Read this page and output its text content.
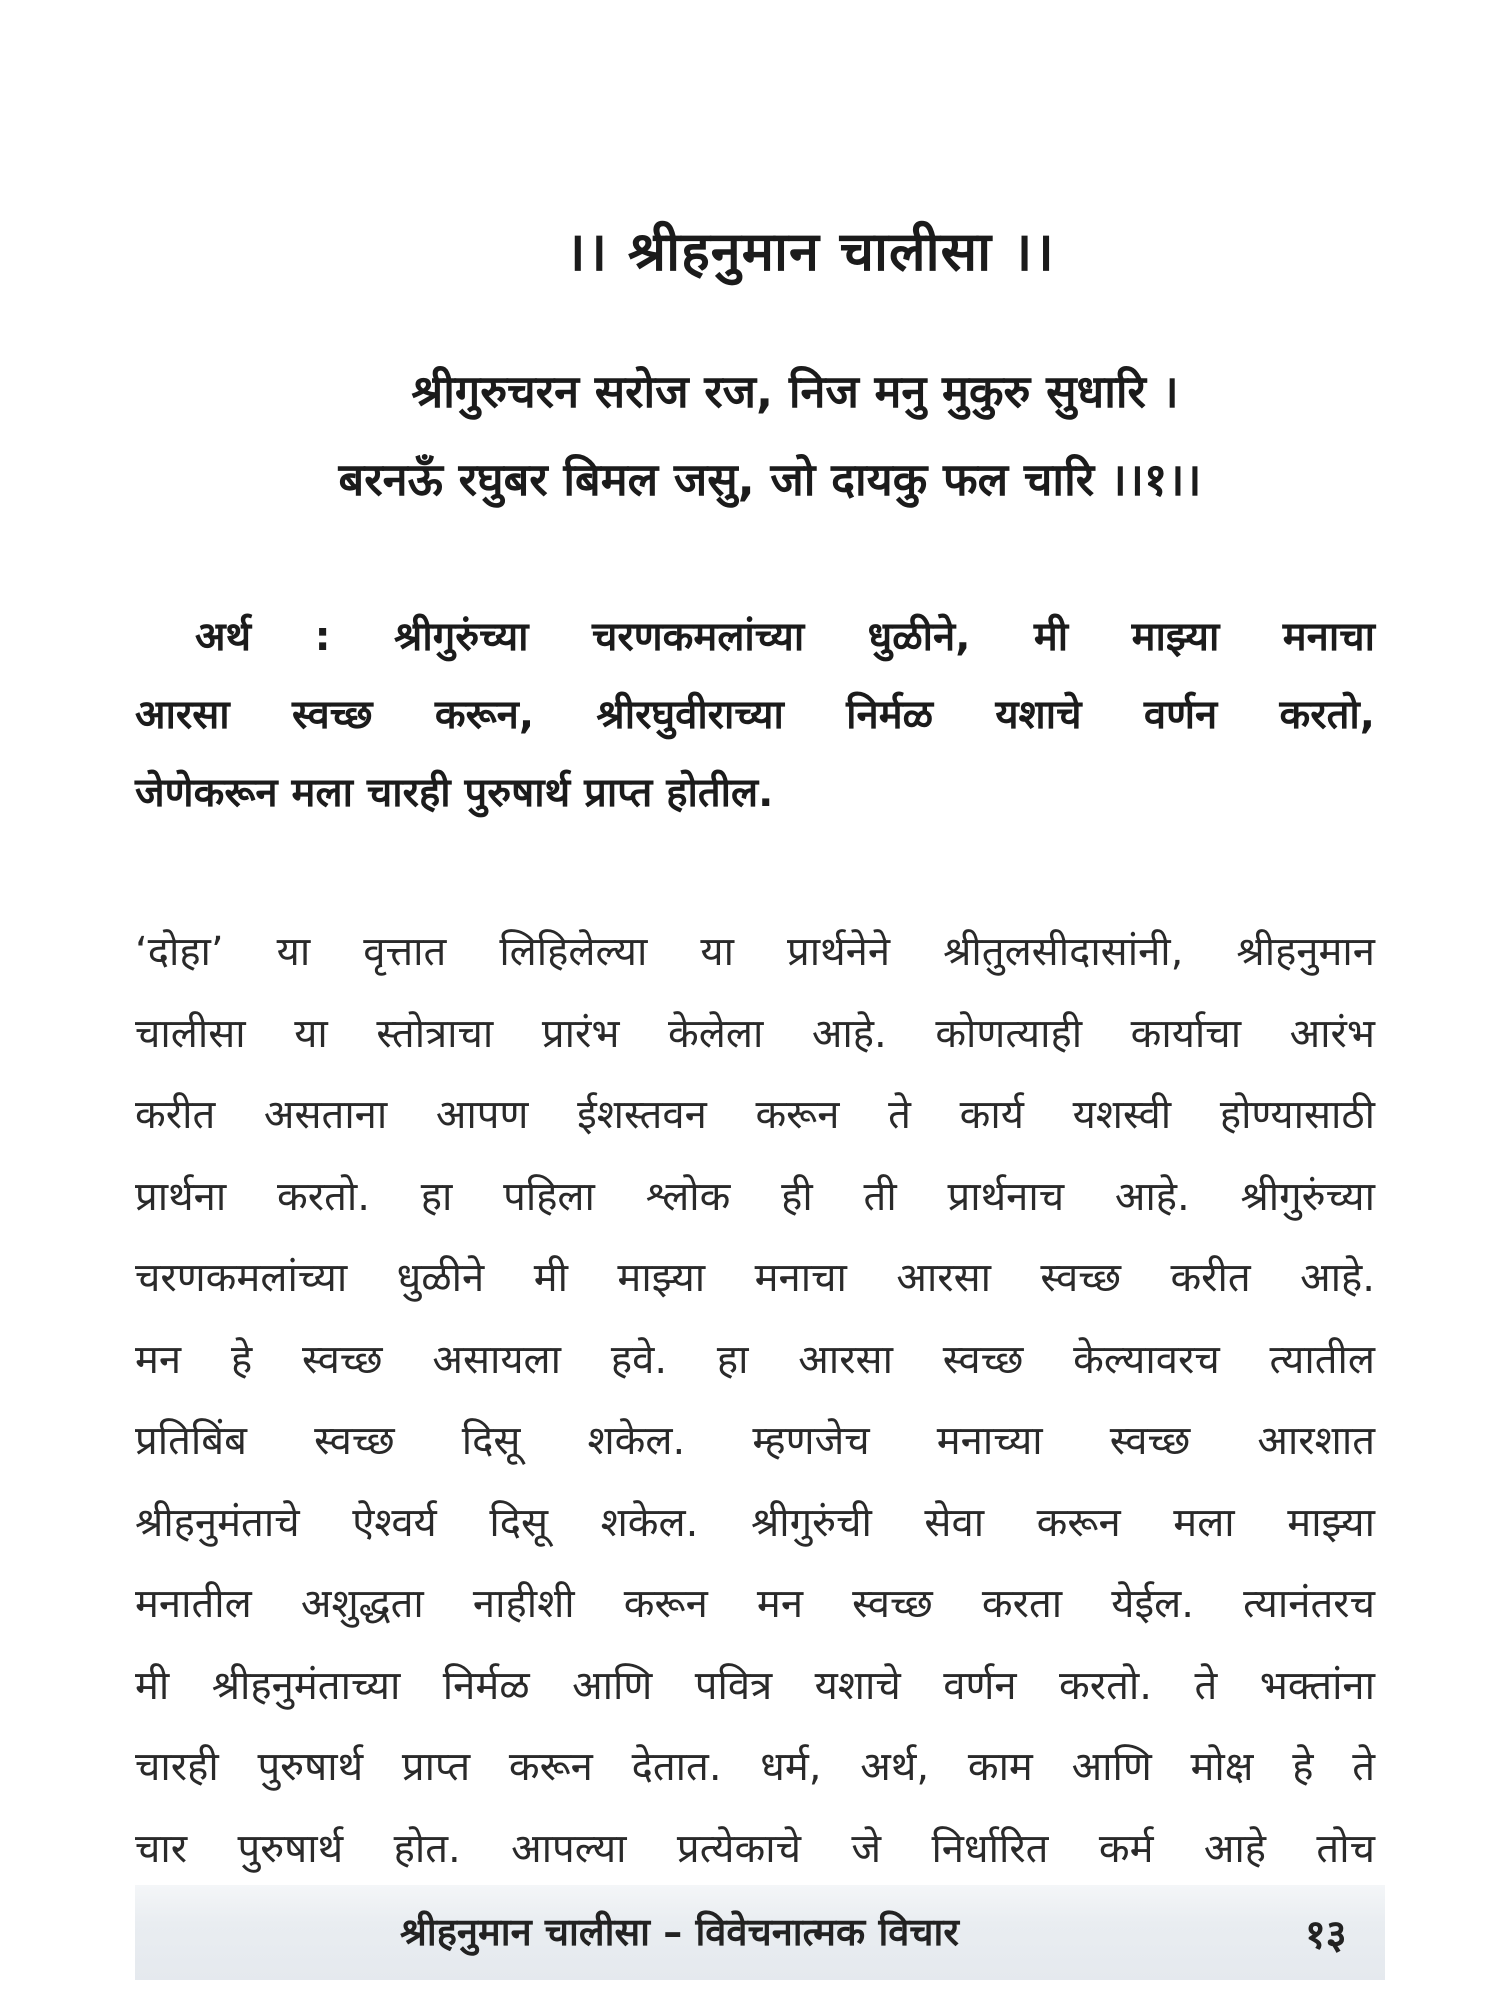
।। श्रीहनुमान चालीसा ।।
श्रीगुरुचरन सरोज रज, निज मनु मुकुरु सुधारि ।
बरनऊँ रघुबर बिमल जसु, जो दायकु फल चारि ।।१।।
अर्थ : श्रीगुरुंच्या चरणकमलांच्या धुळीने, मी माझ्या मनाचा
आरसा स्वच्छ करून, श्रीरघुवीराच्या निर्मळ यशाचे वर्णन करतो,
जेणेकरून मला चारही पुरुषार्थ प्राप्त होतील.
‘दोहा’ या वृत्तात लिहिलेल्या या प्रार्थनेने श्रीतुलसीदासांनी, श्रीहनुमान
चालीसा या स्तोत्राचा प्रारंभ केलेला आहे. कोणत्याही कार्याचा आरंभ
करीत असताना आपण ईशस्तवन करून ते कार्य यशस्वी होण्यासाठी
प्रार्थना करतो. हा पहिला श्लोक ही ती प्रार्थनाच आहे. श्रीगुरुंच्या
चरणकमलांच्या धुळीने मी माझ्या मनाचा आरसा स्वच्छ करीत आहे.
मन हे स्वच्छ असायला हवे. हा आरसा स्वच्छ केल्यावरच त्यातील
प्रतिबिंब स्वच्छ दिसू शकेल. म्हणजेच मनाच्या स्वच्छ आरशात
श्रीहनुमंताचे ऐश्वर्य दिसू शकेल. श्रीगुरुंची सेवा करून मला माझ्या
मनातील अशुद्धता नाहीशी करून मन स्वच्छ करता येईल. त्यानंतरच
मी श्रीहनुमंताच्या निर्मळ आणि पवित्र यशाचे वर्णन करतो. ते भक्तांना
चारही पुरुषार्थ प्राप्त करून देतात. धर्म, अर्थ, काम आणि मोक्ष हे ते
चार पुरुषार्थ होत. आपल्या प्रत्येकाचे जे निर्धारित कर्म आहे तोच
श्रीहनुमान चालीसा – विवेचनात्मक विचार	१३
